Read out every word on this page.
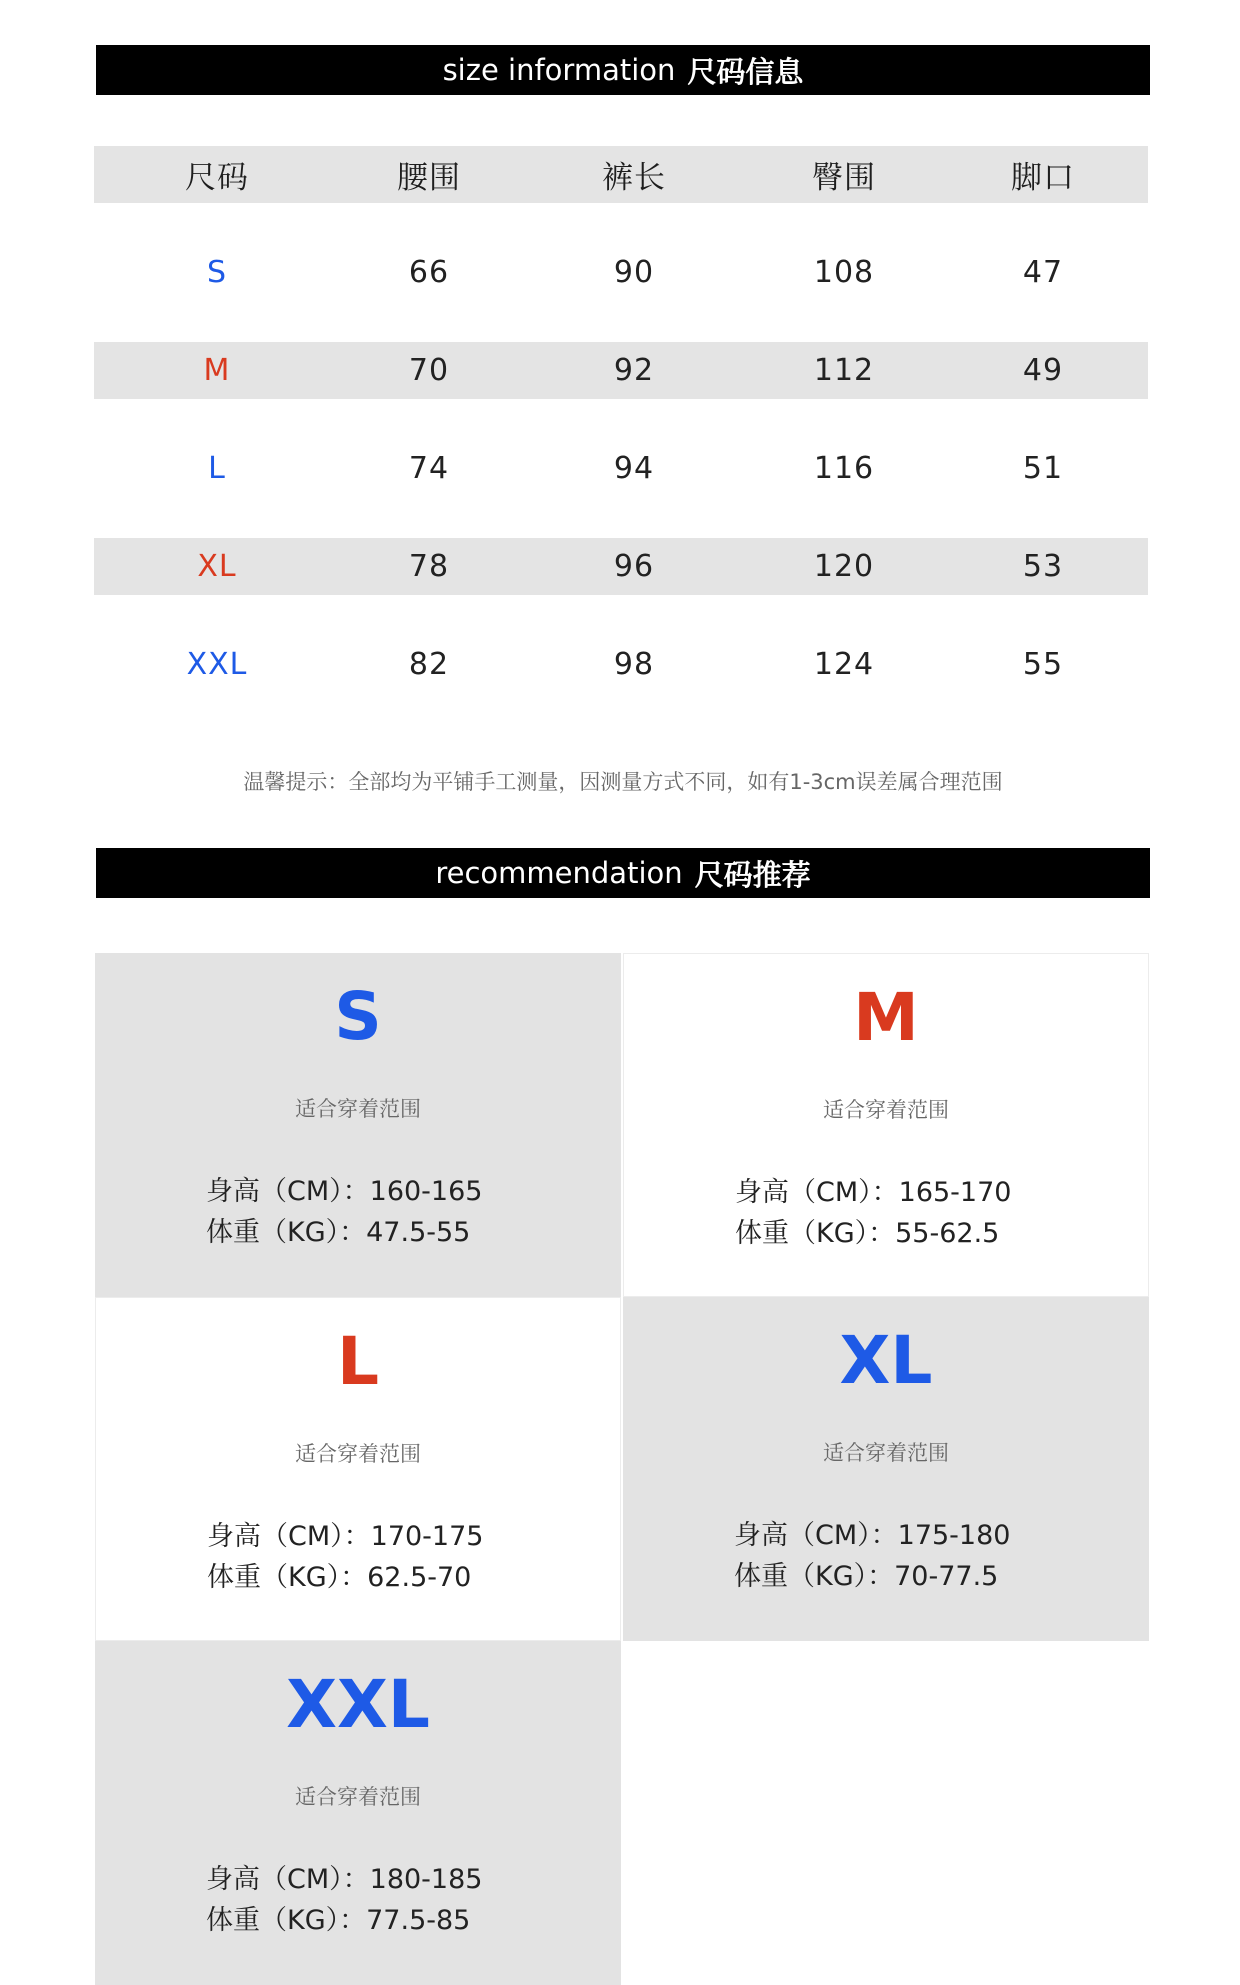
size information 尺码信息
尺码	腰围	裤长	臀围	脚口
S	66	90	108	47
M	70	92	112	49
L	74	94	116	51
XL	78	96	120	53
XXL	82	98	124	55
温馨提示：全部均为平铺手工测量，因测量方式不同，如有1-3cm误差属合理范围
recommendation 尺码推荐
S
适合穿着范围
身高（CM）：160-165
体重（KG）：47.5-55
M
适合穿着范围
身高（CM）：165-170
体重（KG）：55-62.5
L
适合穿着范围
身高（CM）：170-175
体重（KG）：62.5-70
XL
适合穿着范围
身高（CM）：175-180
体重（KG）：70-77.5
XXL
适合穿着范围
身高（CM）：180-185
体重（KG）：77.5-85
